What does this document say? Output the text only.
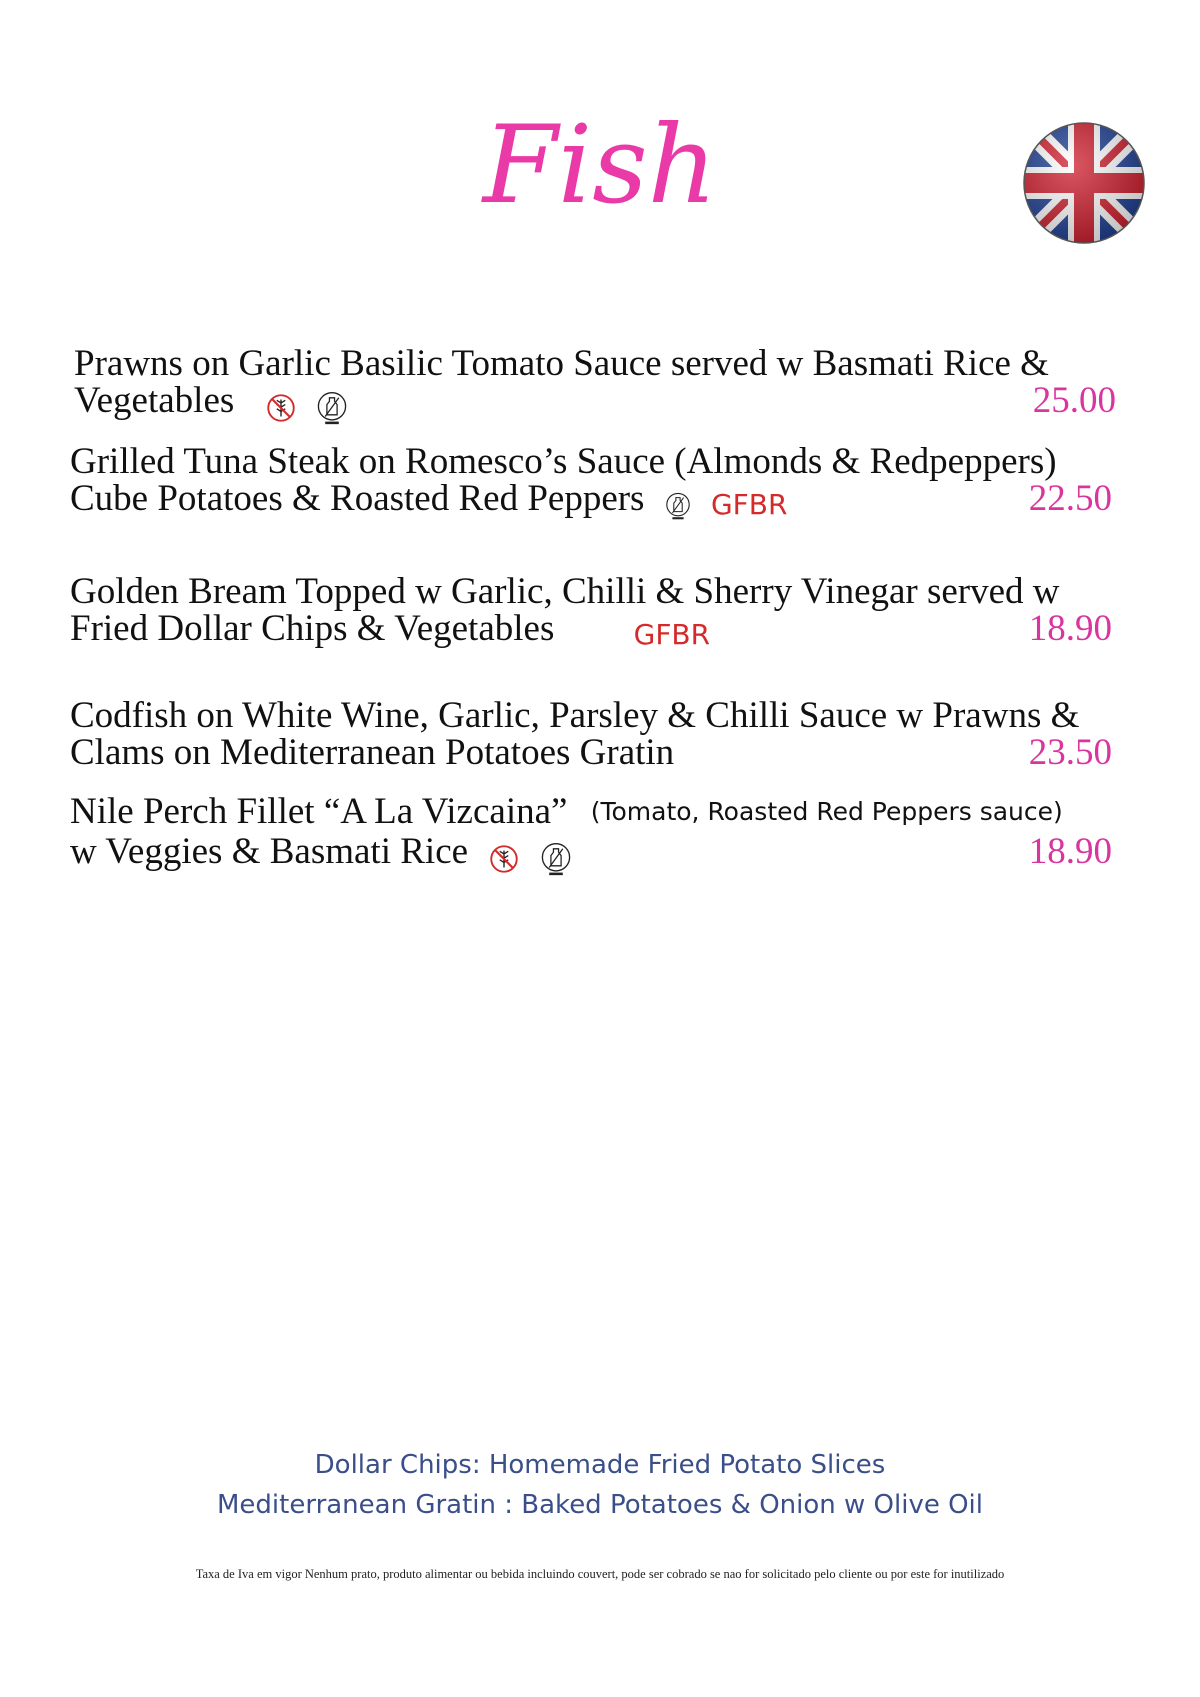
Fish
Prawns on Garlic Basilic Tomato Sauce served w Basmati Rice &
Vegetables	25.00
Grilled Tuna Steak on Romesco’s Sauce (Almonds & Redpeppers)
Cube Potatoes & Roasted Red Peppers GFBR	22.50
Golden Bream Topped w Garlic, Chilli & Sherry Vinegar served w
Fried Dollar Chips & Vegetables	GFBR	18.90
Codfish on White Wine, Garlic, Parsley & Chilli Sauce w Prawns &
Clams on Mediterranean Potatoes Gratin	23.50
Nile Perch Fillet “A La Vizcaina” (Tomato, Roasted Red Peppers sauce)
w Veggies & Basmati Rice	18.90
Dollar Chips: Homemade Fried Potato Slices
Mediterranean Gratin : Baked Potatoes & Onion w Olive Oil
Taxa de Iva em vigor Nenhum prato, produto alimentar ou bebida incluindo couvert, pode ser cobrado se nao for solicitado pelo cliente ou por este for inutilizado
